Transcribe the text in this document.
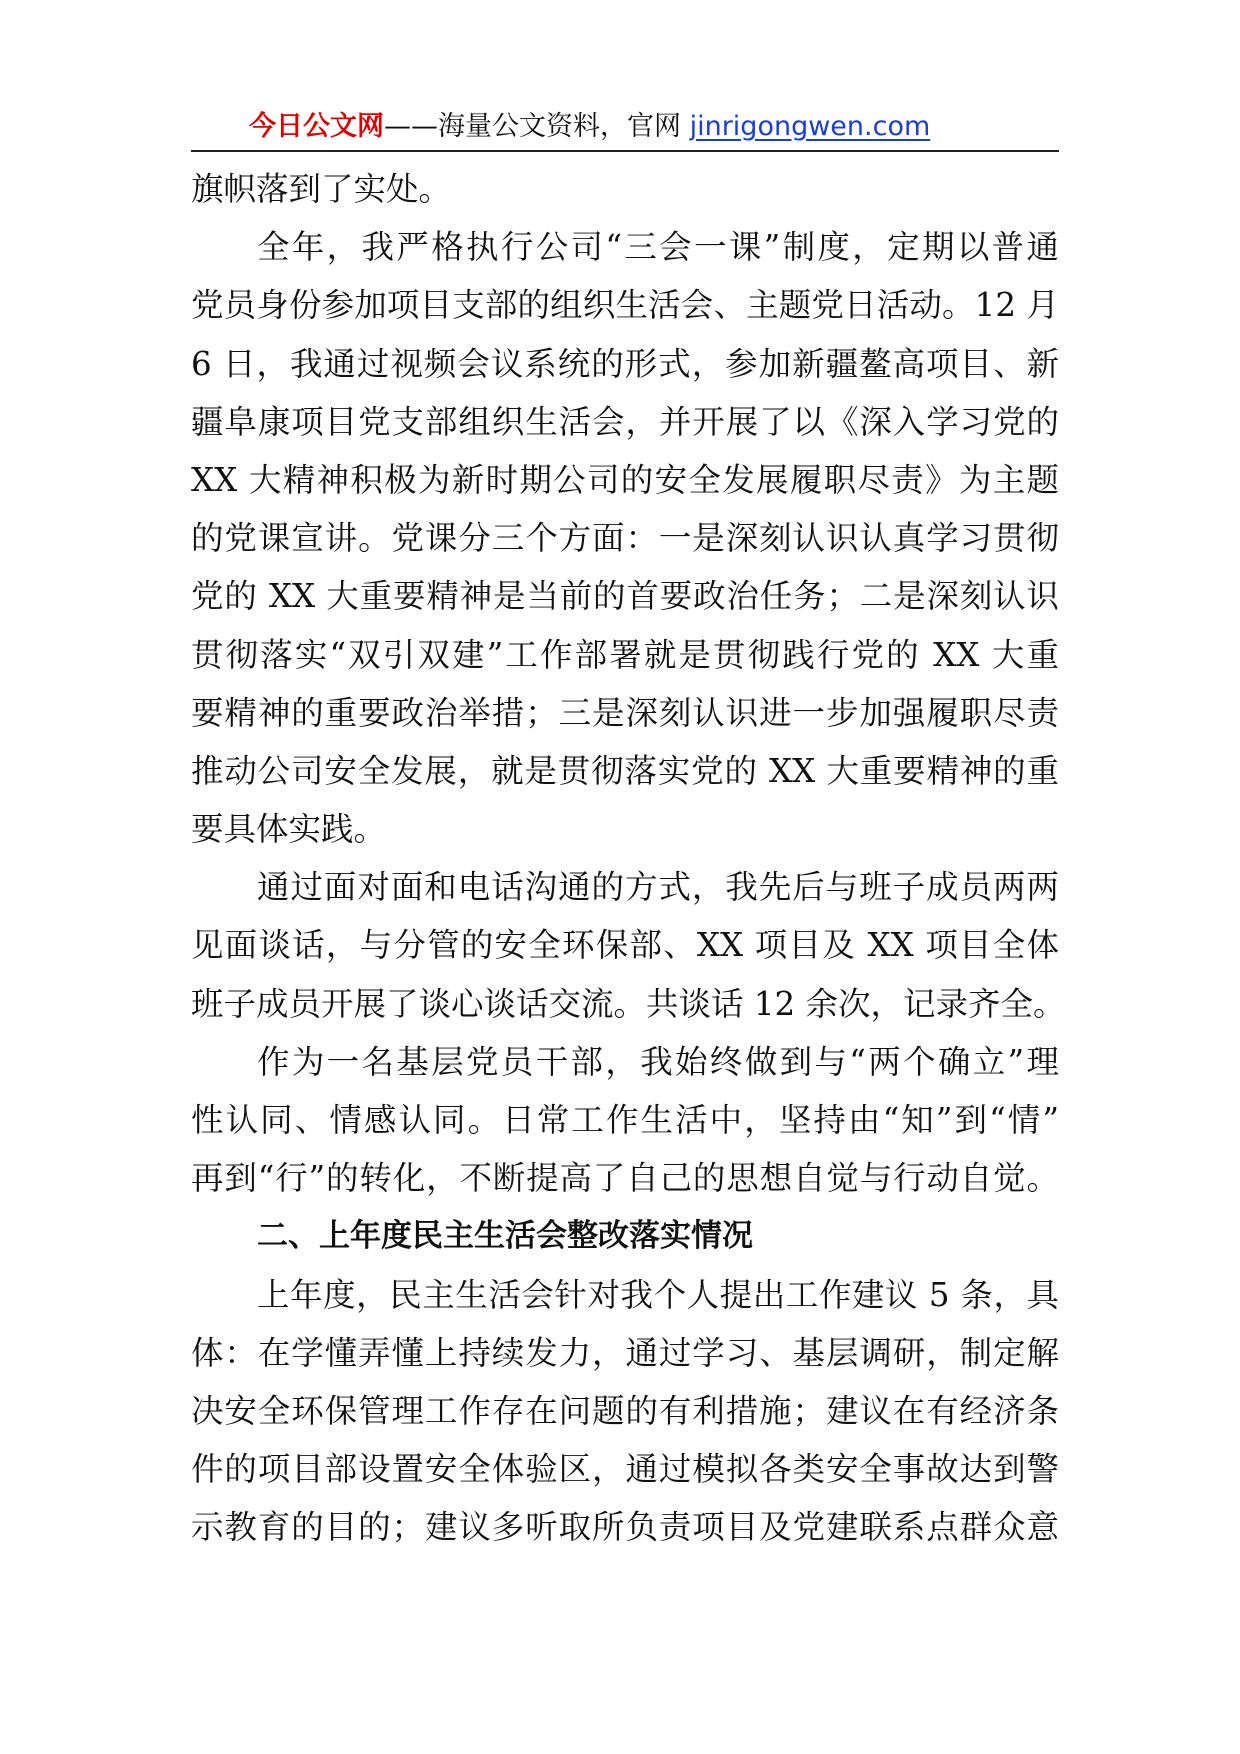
今日公文网——海量公文资料，官网 jinrigongwen.com

旗帜落到了实处。

全年，我严格执行公司“三会一课”制度，定期以普通

党员身份参加项目支部的组织生活会、主题党日活动。12 月

6 日，我通过视频会议系统的形式，参加新疆鳌高项目、新

疆阜康项目党支部组织生活会，并开展了以《深入学习党的

XX 大精神积极为新时期公司的安全发展履职尽责》为主题

的党课宣讲。党课分三个方面：一是深刻认识认真学习贯彻

党的 XX 大重要精神是当前的首要政治任务；二是深刻认识

贯彻落实“双引双建”工作部署就是贯彻践行党的 XX 大重

要精神的重要政治举措；三是深刻认识进一步加强履职尽责

推动公司安全发展，就是贯彻落实党的 XX 大重要精神的重

要具体实践。

通过面对面和电话沟通的方式，我先后与班子成员两两

见面谈话，与分管的安全环保部、XX 项目及 XX 项目全体

班子成员开展了谈心谈话交流。共谈话 12 余次，记录齐全。

作为一名基层党员干部，我始终做到与“两个确立”理

性认同、情感认同。日常工作生活中，坚持由“知”到“情”

再到“行”的转化，不断提高了自己的思想自觉与行动自觉。

二、上年度民主生活会整改落实情况

上年度，民主生活会针对我个人提出工作建议 5 条，具

体：在学懂弄懂上持续发力，通过学习、基层调研，制定解

决安全环保管理工作存在问题的有利措施；建议在有经济条

件的项目部设置安全体验区，通过模拟各类安全事故达到警

示教育的目的；建议多听取所负责项目及党建联系点群众意
